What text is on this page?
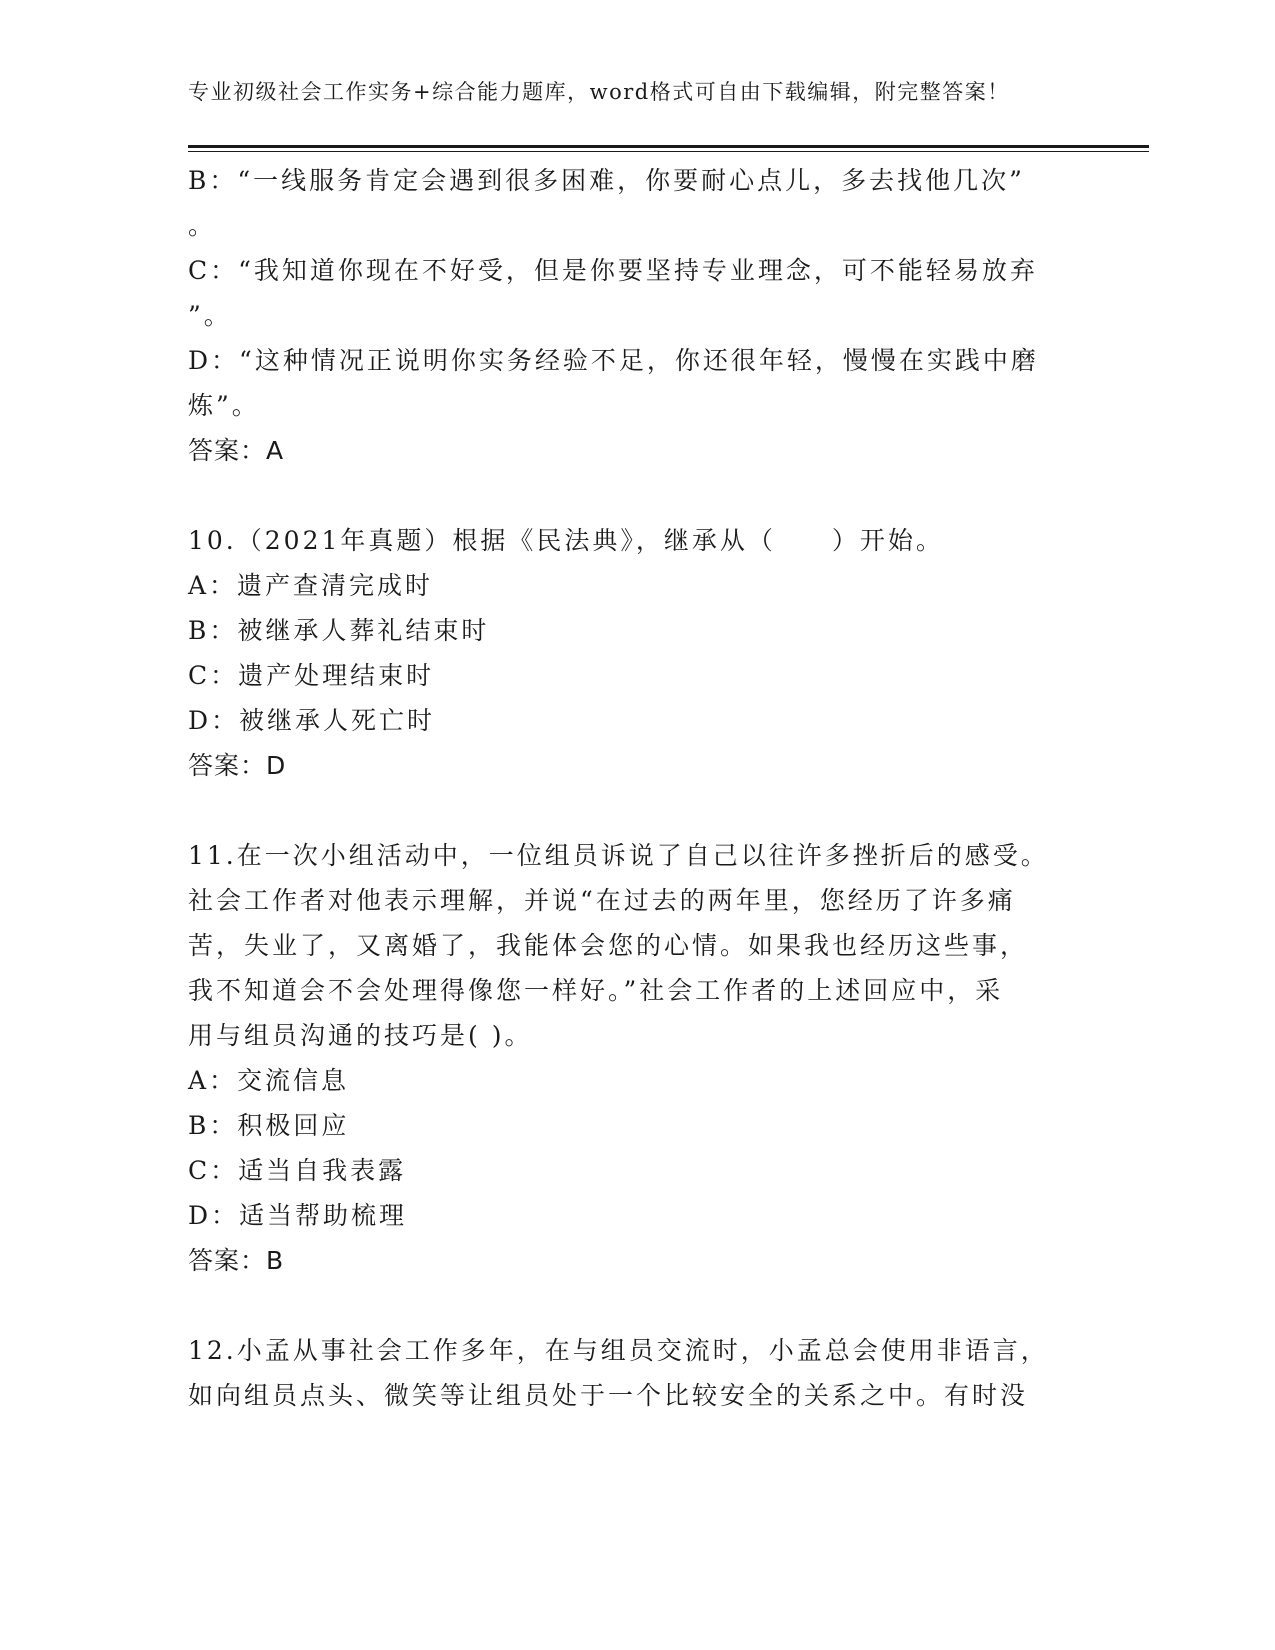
专业初级社会工作实务+综合能力题库，word格式可自由下载编辑，附完整答案！
B：“一线服务肯定会遇到很多困难，你要耐心点儿，多去找他几次”
。
C：“我知道你现在不好受，但是你要坚持专业理念，可不能轻易放弃
”。
D：“这种情况正说明你实务经验不足，你还很年轻，慢慢在实践中磨
炼”。
答案：A
10.（2021年真题）根据《民法典》，继承从（　　）开始。
A：遗产查清完成时
B：被继承人葬礼结束时
C：遗产处理结束时
D：被继承人死亡时
答案：D
11.在一次小组活动中，一位组员诉说了自己以往许多挫折后的感受。
社会工作者对他表示理解，并说“在过去的两年里，您经历了许多痛
苦，失业了，又离婚了，我能体会您的心情。如果我也经历这些事，
我不知道会不会处理得像您一样好。”社会工作者的上述回应中，采
用与组员沟通的技巧是( )。
A：交流信息
B：积极回应
C：适当自我表露
D：适当帮助梳理
答案：B
12.小孟从事社会工作多年，在与组员交流时，小孟总会使用非语言，
如向组员点头、微笑等让组员处于一个比较安全的关系之中。有时没
